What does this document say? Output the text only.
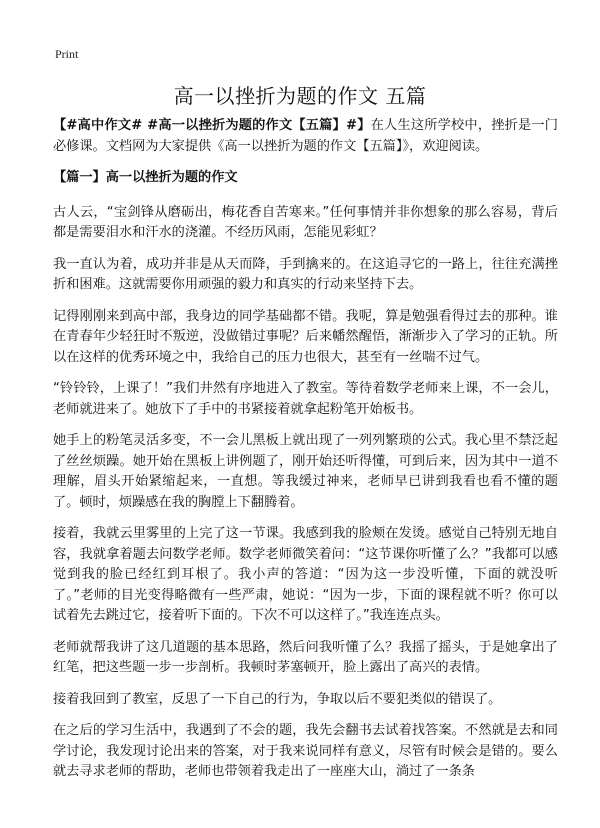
Print
高一以挫折为题的作文 五篇

【#高中作文# #高一以挫折为题的作文【五篇】#】在人生这所学校中，挫折是一门必修课。文档网为大家提供《高一以挫折为题的作文【五篇】》，欢迎阅读。

【篇一】高一以挫折为题的作文

古人云，“宝剑锋从磨砺出，梅花香自苦寒来。”任何事情并非你想象的那么容易，背后都是需要泪水和汗水的浇灌。不经历风雨，怎能见彩虹？

我一直认为着，成功并非是从天而降，手到擒来的。在这追寻它的一路上，往往充满挫折和困难。这就需要你用顽强的毅力和真实的行动来坚持下去。

记得刚刚来到高中部，我身边的同学基础都不错。我呢，算是勉强看得过去的那种。谁在青春年少轻狂时不叛逆，没做错过事呢？后来幡然醒悟，渐渐步入了学习的正轨。所以在这样的优秀环境之中，我给自己的压力也很大，甚至有一丝喘不过气。

“铃铃铃，上课了！”我们井然有序地进入了教室。等待着数学老师来上课，不一会儿，老师就进来了。她放下了手中的书紧接着就拿起粉笔开始板书。

她手上的粉笔灵活多变，不一会儿黑板上就出现了一列列繁琐的公式。我心里不禁泛起了丝丝烦躁。她开始在黑板上讲例题了，刚开始还听得懂，可到后来，因为其中一道不理解，眉头开始紧缩起来，一直想。等我缓过神来，老师早已讲到我看也看不懂的题了。顿时，烦躁感在我的胸膛上下翻腾着。

接着，我就云里雾里的上完了这一节课。我感到我的脸颊在发烫。感觉自己特别无地自容，我就拿着题去问数学老师。数学老师微笑着问：“这节课你听懂了么？”我都可以感觉到我的脸已经红到耳根了。我小声的答道：“因为这一步没听懂，下面的就没听了。”老师的目光变得略微有一些严肃，她说：“因为一步，下面的课程就不听？你可以试着先去跳过它，接着听下面的。下次不可以这样了。”我连连点头。

老师就帮我讲了这几道题的基本思路，然后问我听懂了么？我摇了摇头，于是她拿出了红笔，把这些题一步一步剖析。我顿时茅塞顿开，脸上露出了高兴的表情。

接着我回到了教室，反思了一下自己的行为，争取以后不要犯类似的错误了。

在之后的学习生活中，我遇到了不会的题，我先会翻书去试着找答案。不然就是去和同学讨论，我发现讨论出来的答案，对于我来说同样有意义，尽管有时候会是错的。要么就去寻求老师的帮助，老师也带领着我走出了一座座大山，淌过了一条条
